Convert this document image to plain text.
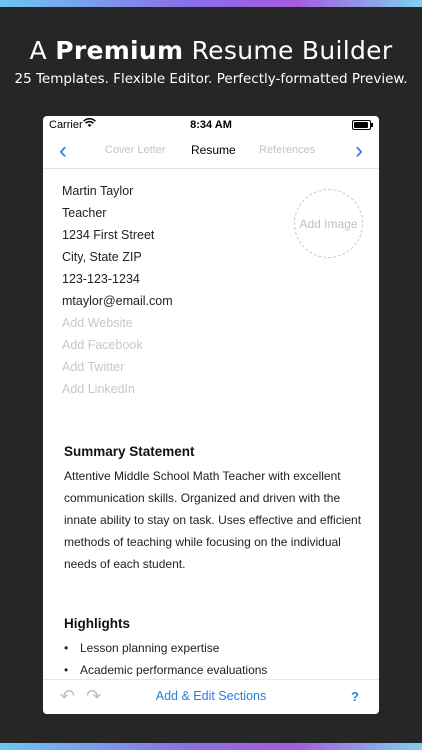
A Premium Resume Builder
25 Templates. Flexible Editor. Perfectly-formatted Preview.
Carrier	8:34 AM
‹	Cover Letter Resume References ›
Martin Taylor
Teacher
1234 First Street
City, State ZIP
123-123-1234
mtaylor@email.com
Add Website
Add Facebook
Add Twitter
Add LinkedIn
Add Image
Summary Statement
Attentive Middle School Math Teacher with excellent communication skills. Organized and driven with the innate ability to stay on task. Uses effective and efficient methods of teaching while focusing on the individual needs of each student.
Highlights
• Lesson planning expertise
• Academic performance evaluations
↶ ↷	Add & Edit Sections	?
